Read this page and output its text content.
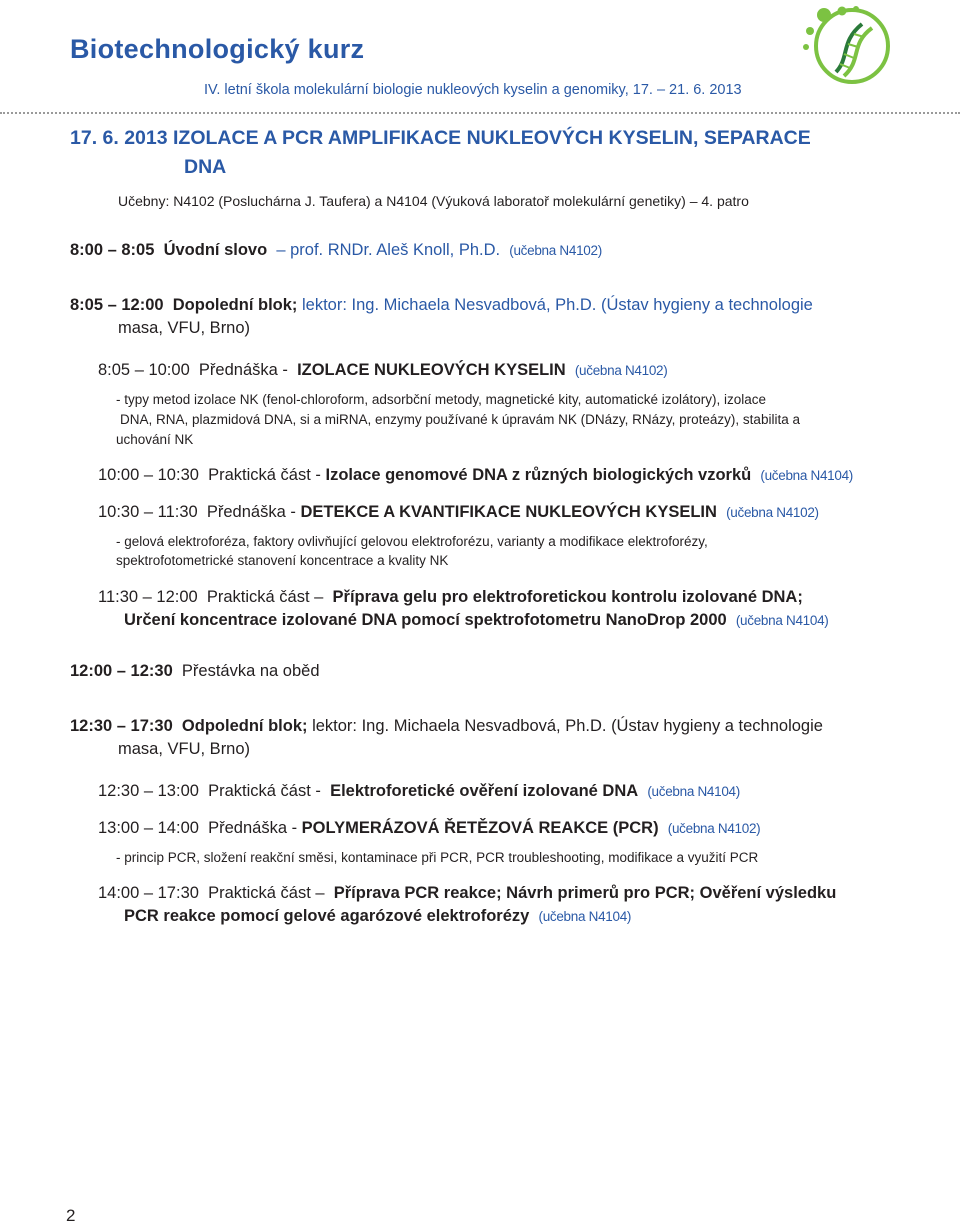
Biotechnologický kurz
IV. letní škola molekulární biologie nukleových kyselin a genomiky, 17. – 21. 6. 2013
17. 6. 2013 IZOLACE A PCR AMPLIFIKACE NUKLEOVÝCH KYSELIN, SEPARACE
DNA
Učebny: N4102 (Posluchárna J. Taufera) a N4104 (Výuková laboratoř molekulární genetiky) – 4. patro
8:00 – 8:05 Úvodní slovo – prof. RNDr. Aleš Knoll, Ph.D. (učebna N4102)
8:05 – 12:00 Dopolední blok; lektor: Ing. Michaela Nesvadbová, Ph.D. (Ústav hygieny a technologie
masa, VFU, Brno)
8:05 – 10:00 Přednáška - IZOLACE NUKLEOVÝCH KYSELIN (učebna N4102)
- typy metod izolace NK (fenol-chloroform, adsorbční metody, magnetické kity, automatické izolátory), izolace
DNA, RNA, plazmidová DNA, si a miRNA, enzymy používané k úpravám NK (DNázy, RNázy, proteázy), stabilita a
uchování NK
10:00 – 10:30 Praktická část - Izolace genomové DNA z různých biologických vzorků (učebna N4104)
10:30 – 11:30 Přednáška - DETEKCE A KVANTIFIKACE NUKLEOVÝCH KYSELIN (učebna N4102)
- gelová elektroforéza, faktory ovlivňující gelovou elektroforézu, varianty a modifikace elektroforézy,
spektrofotometrické stanovení koncentrace a kvality NK
11:30 – 12:00 Praktická část – Příprava gelu pro elektroforetickou kontrolu izolované DNA;
Určení koncentrace izolované DNA pomocí spektrofotometru NanoDrop 2000 (učebna N4104)
12:00 – 12:30 Přestávka na oběd
12:30 – 17:30 Odpolední blok; lektor: Ing. Michaela Nesvadbová, Ph.D. (Ústav hygieny a technologie
masa, VFU, Brno)
12:30 – 13:00 Praktická část - Elektroforetické ověření izolované DNA (učebna N4104)
13:00 – 14:00 Přednáška - POLYMERÁZOVÁ ŘETĚZOVÁ REAKCE (PCR) (učebna N4102)
- princip PCR, složení reakční směsi, kontaminace při PCR, PCR troubleshooting, modifikace a využití PCR
14:00 – 17:30 Praktická část – Příprava PCR reakce; Návrh primerů pro PCR; Ověření výsledku
PCR reakce pomocí gelové agarózové elektroforézy (učebna N4104)
2
